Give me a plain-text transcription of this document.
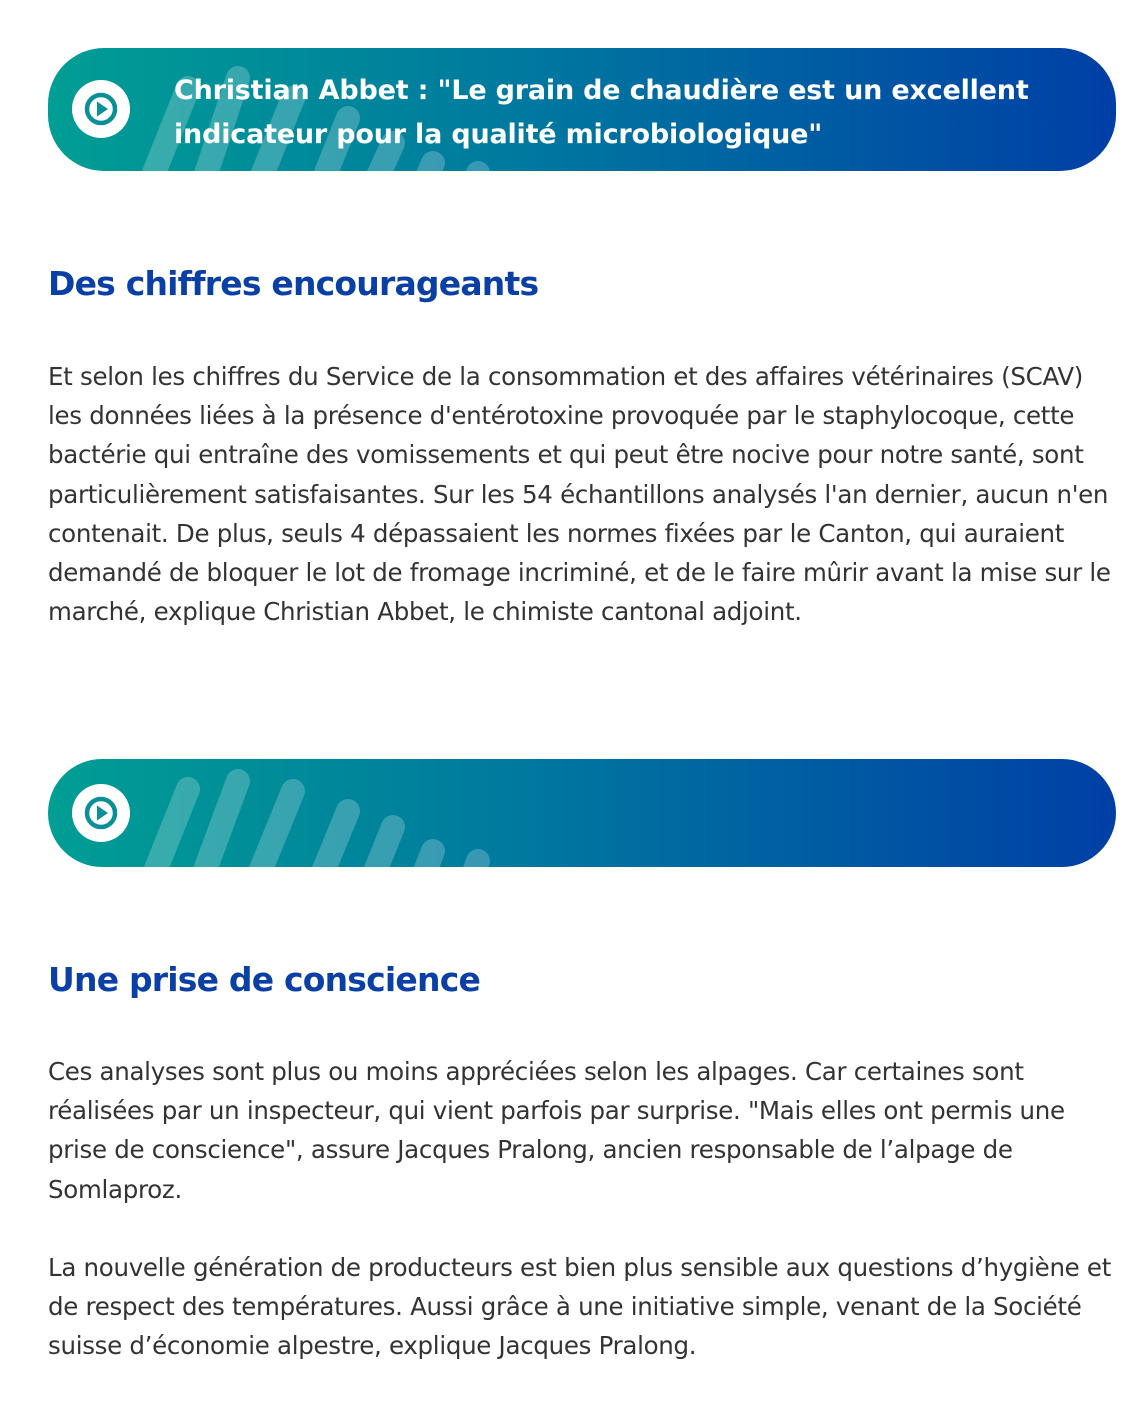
Christian Abbet : "Le grain de chaudière est un excellent indicateur pour la qualité microbiologique"
Des chiffres encourageants

Et selon les chiffres du Service de la consommation et des affaires vétérinaires (SCAV) les données liées à la présence d'entérotoxine provoquée par le staphylocoque, cette bactérie qui entraîne des vomissements et qui peut être nocive pour notre santé, sont particulièrement satisfaisantes. Sur les 54 échantillons analysés l'an dernier, aucun n'en contenait. De plus, seuls 4 dépassaient les normes fixées par le Canton, qui auraient demandé de bloquer le lot de fromage incriminé, et de le faire mûrir avant la mise sur le marché, explique Christian Abbet, le chimiste cantonal adjoint.

Une prise de conscience

Ces analyses sont plus ou moins appréciées selon les alpages. Car certaines sont réalisées par un inspecteur, qui vient parfois par surprise. "Mais elles ont permis une prise de conscience", assure Jacques Pralong, ancien responsable de l’alpage de Somlaproz.

La nouvelle génération de producteurs est bien plus sensible aux questions d’hygiène et de respect des températures. Aussi grâce à une initiative simple, venant de la Société suisse d’économie alpestre, explique Jacques Pralong.
